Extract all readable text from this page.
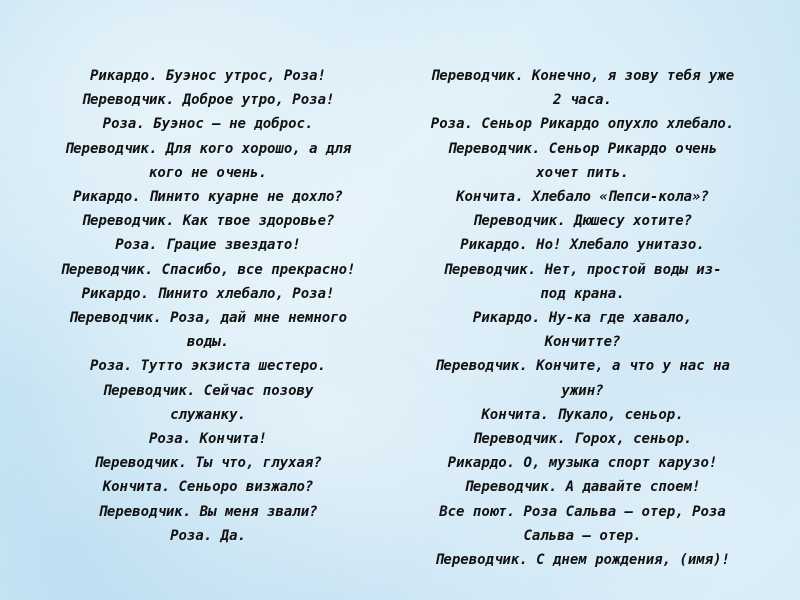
Рикардо. Буэнос утрос, Роза!
Переводчик. Доброе утро, Роза!
Роза. Буэнос – не доброс.
Переводчик. Для кого хорошо, а для
кого не очень.
Рикардо. Пинито куарне не дохло?
Переводчик. Как твое здоровье?
Роза. Грацие звездато!
Переводчик. Спасибо, все прекрасно!
Рикардо. Пинито хлебало, Роза!
Переводчик. Роза, дай мне немного
воды.
Роза. Тутто экзиста шестеро.
Переводчик. Сейчас позову
служанку.
Роза. Кончита!
Переводчик. Ты что, глухая?
Кончита. Сеньоро визжало?
Переводчик. Вы меня звали?
Роза. Да.
Переводчик. Конечно, я зову тебя уже
2 часа.
Роза. Сеньор Рикардо опухло хлебало.
Переводчик. Сеньор Рикардо очень
хочет пить.
Кончита. Хлебало «Пепси-кола»?
Переводчик. Дюшесу хотите?
Рикардо. Но! Хлебало унитазо.
Переводчик. Нет, простой воды из-
под крана.
Рикардо. Ну-ка где хавало,
Кончитте?
Переводчик. Кончите, а что у нас на
ужин?
Кончита. Пукало, сеньор.
Переводчик. Горох, сеньор.
Рикардо. О, музыка спорт карузо!
Переводчик. А давайте споем!
Все поют. Роза Сальва – отер, Роза
Сальва – отер.
Переводчик. С днем рождения, (имя)!
